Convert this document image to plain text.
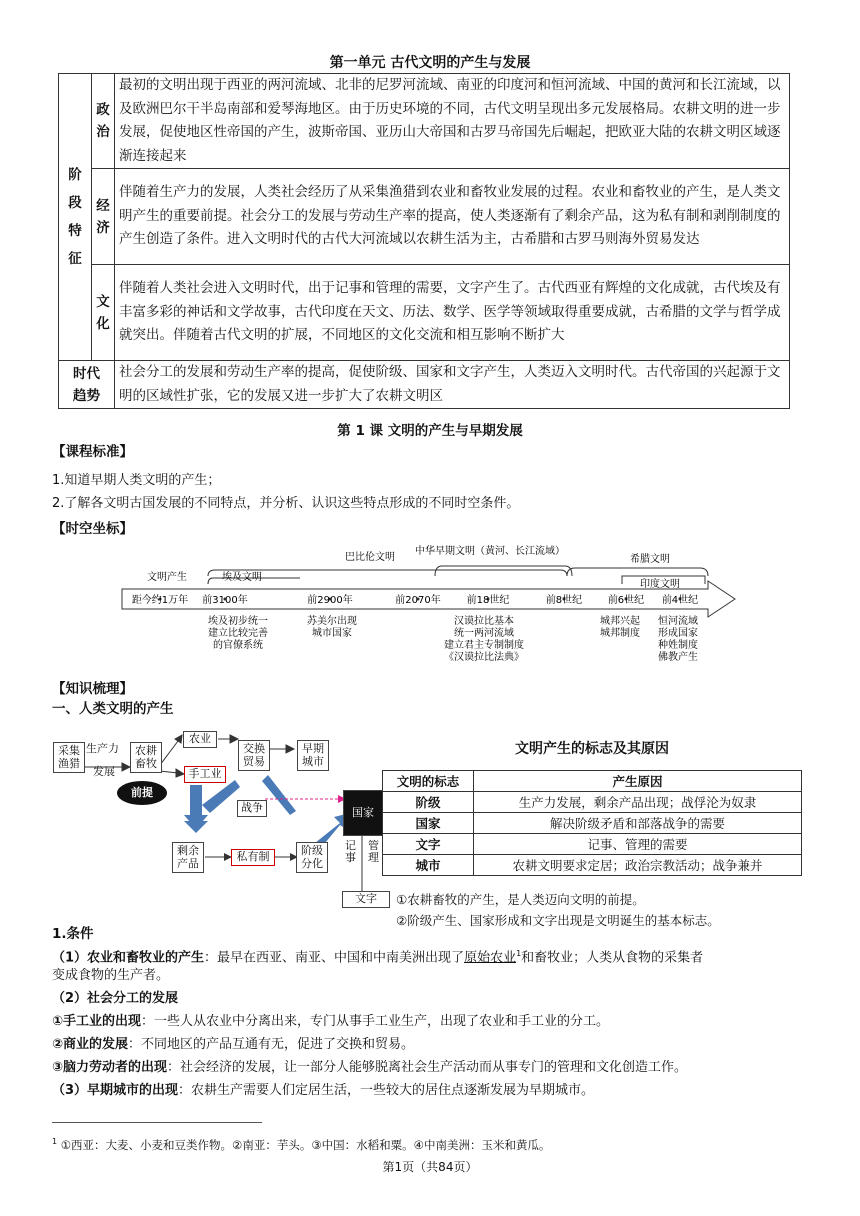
第一单元 古代文明的产生与发展
阶段特征	政治	最初的文明出现于西亚的两河流域、北非的尼罗河流域、南亚的印度河和恒河流域、中国的黄河和长江流域，以及欧洲巴尔干半岛南部和爱琴海地区。由于历史环境的不同，古代文明呈现出多元发展格局。农耕文明的进一步发展，促使地区性帝国的产生，波斯帝国、亚历山大帝国和古罗马帝国先后崛起，把欧亚大陆的农耕文明区域逐渐连接起来
	经济	伴随着生产力的发展，人类社会经历了从采集渔猎到农业和畜牧业发展的过程。农业和畜牧业的产生，是人类文明产生的重要前提。社会分工的发展与劳动生产率的提高，使人类逐渐有了剩余产品，这为私有制和剥削制度的产生创造了条件。进入文明时代的古代大河流域以农耕生活为主，古希腊和古罗马则海外贸易发达
	文化	伴随着人类社会进入文明时代，出于记事和管理的需要，文字产生了。古代西亚有辉煌的文化成就，古代埃及有丰富多彩的神话和文学故事，古代印度在天文、历法、数学、医学等领域取得重要成就，古希腊的文学与哲学成就突出。伴随着古代文明的扩展，不同地区的文化交流和相互影响不断扩大
时代趋势		社会分工的发展和劳动生产率的提高，促使阶级、国家和文字产生，人类迈入文明时代。古代帝国的兴起源于文明的区域性扩张，它的发展又进一步扩大了农耕文明区
第 1 课 文明的产生与早期发展
【课程标准】
1.知道早期人类文明的产生；
2.了解各文明古国发展的不同特点，并分析、认识这些特点形成的不同时空条件。
【时空坐标】
巴比伦文明
中华早期文明（黄河、长江流域）
希腊文明
文明产生	埃及文明
印度文明
距今约1万年 前3100年	前2900年	前2070年	前18世纪	前8世纪	前6世纪 前4世纪
埃及初步统一
建立比较完善
的官僚系统
苏美尔出现
城市国家
汉谟拉比基本
统一两河流域
建立君主专制制度
《汉谟拉比法典》
城邦兴起
城邦制度
恒河流域
形成国家
种姓制度
佛教产生
【知识梳理】
一、人类文明的产生
采集渔猎
生产力
发展
农耕畜牧
农业
手工业
交换贸易
早期城市
前提
战争
剩余产品
私有制	阶级分化
国家
记事
管理
文字
文明产生的标志及其原因
文明的标志	产生原因
阶级	生产力发展，剩余产品出现；战俘沦为奴隶
国家	解决阶级矛盾和部落战争的需要
文字	记事、管理的需要
城市	农耕文明要求定居；政治宗教活动；战争兼并
①农耕畜牧的产生，是人类迈向文明的前提。
②阶级产生、国家形成和文字出现是文明诞生的基本标志。
1.条件
（1）农业和畜牧业的产生：最早在西亚、南亚、中国和中南美洲出现了原始农业$^1$和畜牧业；人类从食物的采集者
变成食物的生产者。
（2）社会分工的发展
①手工业的出现：一些人从农业中分离出来，专门从事手工业生产，出现了农业和手工业的分工。
②商业的发展：不同地区的产品互通有无，促进了交换和贸易。
③脑力劳动者的出现：社会经济的发展，让一部分人能够脱离社会生产活动而从事专门的管理和文化创造工作。
（3）早期城市的出现：农耕生产需要人们定居生活，一些较大的居住点逐渐发展为早期城市。
$^1$ ①西亚：大麦、小麦和豆类作物。②南亚：芋头。③中国：水稻和粟。④中南美洲：玉米和黄瓜。
第1页（共84页）
